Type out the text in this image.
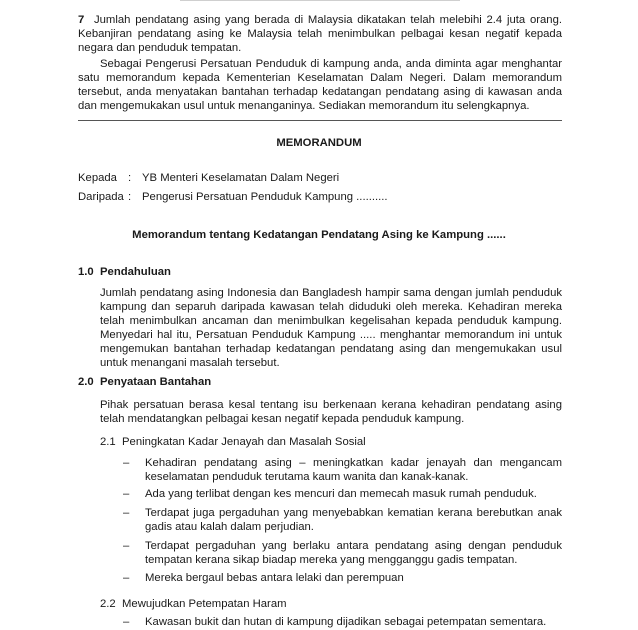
7 Jumlah pendatang asing yang berada di Malaysia dikatakan telah melebihi 2.4 juta orang. Kebanjiran pendatang asing ke Malaysia telah menimbulkan pelbagai kesan negatif kepada negara dan penduduk tempatan.

Sebagai Pengerusi Persatuan Penduduk di kampung anda, anda diminta agar menghantar satu memorandum kepada Kementerian Keselamatan Dalam Negeri. Dalam memorandum tersebut, anda menyatakan bantahan terhadap kedatangan pendatang asing di kawasan anda dan mengemukakan usul untuk menanganinya. Sediakan memorandum itu selengkapnya.

MEMORANDUM
Kepada : YB Menteri Keselamatan Dalam Negeri
Daripada : Pengerusi Persatuan Penduduk Kampung ..........
Memorandum tentang Kedatangan Pendatang Asing ke Kampung ......
1.0 Pendahuluan

Jumlah pendatang asing Indonesia dan Bangladesh hampir sama dengan jumlah penduduk kampung dan separuh daripada kawasan telah diduduki oleh mereka. Kehadiran mereka telah menimbulkan ancaman dan menimbulkan kegelisahan kepada penduduk kampung. Menyedari hal itu, Persatuan Penduduk Kampung ..... menghantar memorandum ini untuk mengemukan bantahan terhadap kedatangan pendatang asing dan mengemukakan usul untuk menangani masalah tersebut.

2.0 Penyataan Bantahan

Pihak persatuan berasa kesal tentang isu berkenaan kerana kehadiran pendatang asing telah mendatangkan pelbagai kesan negatif kepada penduduk kampung.

2.1 Peningkatan Kadar Jenayah dan Masalah Sosial
– Kehadiran pendatang asing – meningkatkan kadar jenayah dan mengancam keselamatan penduduk terutama kaum wanita dan kanak-kanak.
– Ada yang terlibat dengan kes mencuri dan memecah masuk rumah penduduk.
– Terdapat juga pergaduhan yang menyebabkan kematian kerana berebutkan anak gadis atau kalah dalam perjudian.
– Terdapat pergaduhan yang berlaku antara pendatang asing dengan penduduk tempatan kerana sikap biadap mereka yang mengganggu gadis tempatan.
– Mereka bergaul bebas antara lelaki dan perempuan
2.2 Mewujudkan Petempatan Haram
– Kawasan bukit dan hutan di kampung dijadikan sebagai petempatan sementara.
